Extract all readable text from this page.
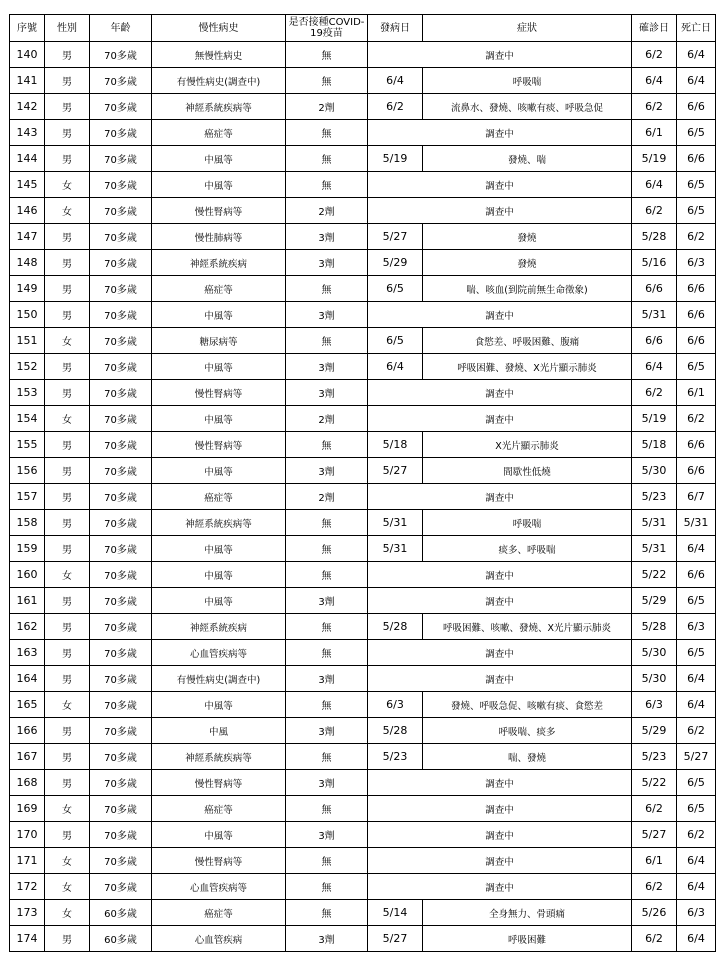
序號	性別	年齡	慢性病史	是否接種COVID-19疫苗	發病日	症狀	確診日	死亡日
140	男	70多歲	無慢性病史	無	調查中		6/2	6/4
141	男	70多歲	有慢性病史(調查中)	無	6/4	呼吸喘	6/4	6/4
142	男	70多歲	神經系統疾病等	2劑	6/2	流鼻水、發燒、咳嗽有痰、呼吸急促	6/2	6/6
143	男	70多歲	癌症等	無	調查中		6/1	6/5
144	男	70多歲	中風等	無	5/19	發燒、喘	5/19	6/6
145	女	70多歲	中風等	無	調查中		6/4	6/5
146	女	70多歲	慢性腎病等	2劑	調查中		6/2	6/5
147	男	70多歲	慢性肺病等	3劑	5/27	發燒	5/28	6/2
148	男	70多歲	神經系統疾病	3劑	5/29	發燒	5/16	6/3
149	男	70多歲	癌症等	無	6/5	喘、咳血(到院前無生命徵象)	6/6	6/6
150	男	70多歲	中風等	3劑	調查中		5/31	6/6
151	女	70多歲	糖尿病等	無	6/5	食慾差、呼吸困難、腹痛	6/6	6/6
152	男	70多歲	中風等	3劑	6/4	呼吸困難、發燒、X光片顯示肺炎	6/4	6/5
153	男	70多歲	慢性腎病等	3劑	調查中		6/2	6/1
154	女	70多歲	中風等	2劑	調查中		5/19	6/2
155	男	70多歲	慢性腎病等	無	5/18	X光片顯示肺炎	5/18	6/6
156	男	70多歲	中風等	3劑	5/27	間歇性低燒	5/30	6/6
157	男	70多歲	癌症等	2劑	調查中		5/23	6/7
158	男	70多歲	神經系統疾病等	無	5/31	呼吸喘	5/31	5/31
159	男	70多歲	中風等	無	5/31	痰多、呼吸喘	5/31	6/4
160	女	70多歲	中風等	無	調查中		5/22	6/6
161	男	70多歲	中風等	3劑	調查中		5/29	6/5
162	男	70多歲	神經系統疾病	無	5/28	呼吸困難、咳嗽、發燒、X光片顯示肺炎	5/28	6/3
163	男	70多歲	心血管疾病等	無	調查中		5/30	6/5
164	男	70多歲	有慢性病史(調查中)	3劑	調查中		5/30	6/4
165	女	70多歲	中風等	無	6/3	發燒、呼吸急促、咳嗽有痰、食慾差	6/3	6/4
166	男	70多歲	中風	3劑	5/28	呼吸喘、痰多	5/29	6/2
167	男	70多歲	神經系統疾病等	無	5/23	喘、發燒	5/23	5/27
168	男	70多歲	慢性腎病等	3劑	調查中		5/22	6/5
169	女	70多歲	癌症等	無	調查中		6/2	6/5
170	男	70多歲	中風等	3劑	調查中		5/27	6/2
171	女	70多歲	慢性腎病等	無	調查中		6/1	6/4
172	女	70多歲	心血管疾病等	無	調查中		6/2	6/4
173	女	60多歲	癌症等	無	5/14	全身無力、骨頭痛	5/26	6/3
174	男	60多歲	心血管疾病	3劑	5/27	呼吸困難	6/2	6/4
